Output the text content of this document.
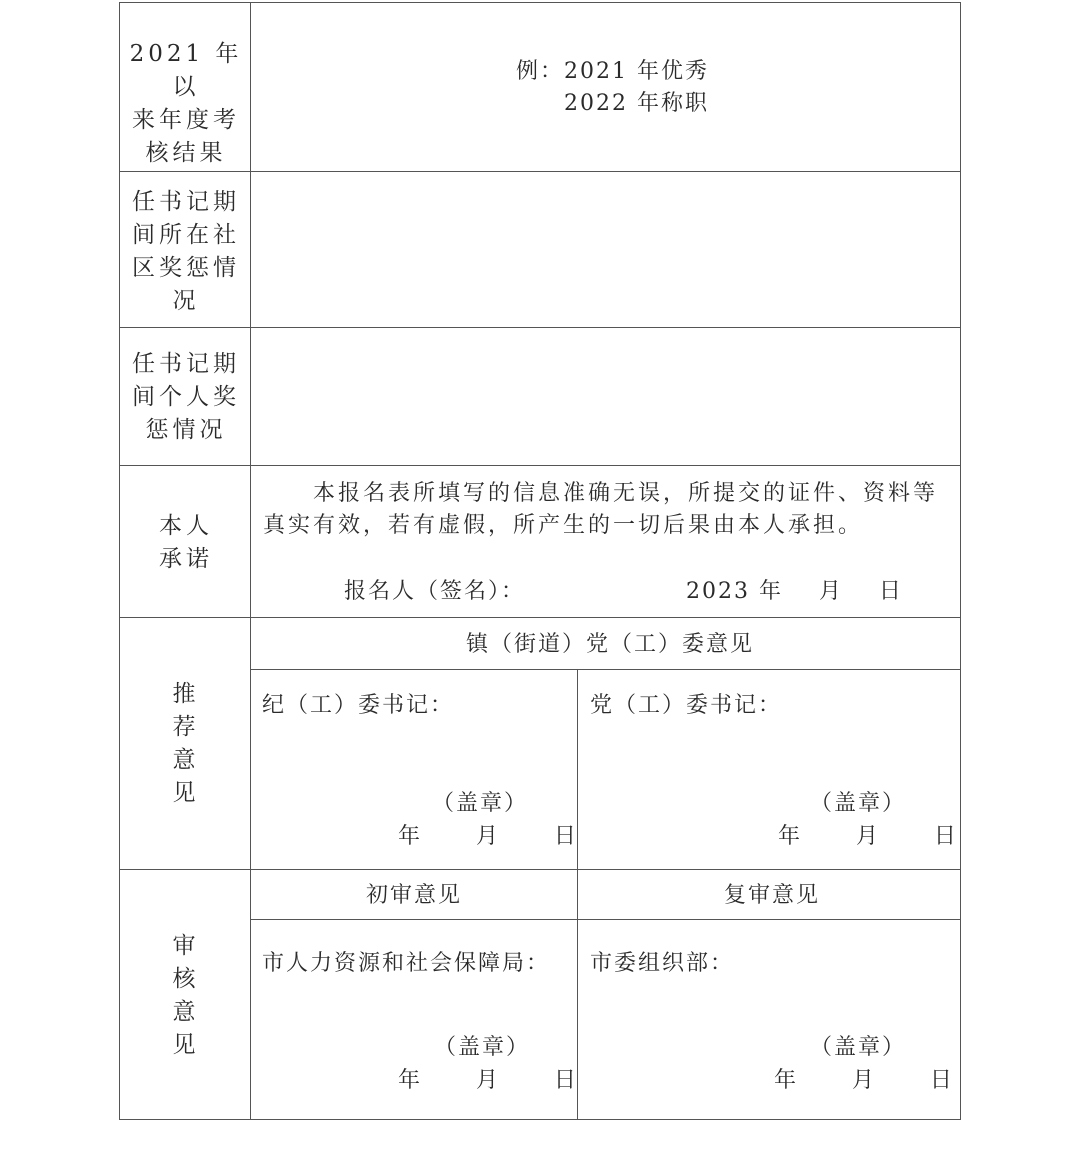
2021 年以
来年度考
核结果
例：2021 年优秀
2022 年称职
任书记期
间所在社
区奖惩情
况
任书记期
间个人奖
惩情况
本人
承诺
本报名表所填写的信息准确无误，所提交的证件、资料等
真实有效，若有虚假，所产生的一切后果由本人承担。
报名人（签名）：	2023 年    月    日
推
荐
意
见
镇（街道）党（工）委意见
纪（工）委书记：
（盖章）
年      月      日
党（工）委书记：
（盖章）
年      月      日
审
核
意
见
初审意见	复审意见
市人力资源和社会保障局：
（盖章）
年      月      日
市委组织部：
（盖章）
年      月      日
